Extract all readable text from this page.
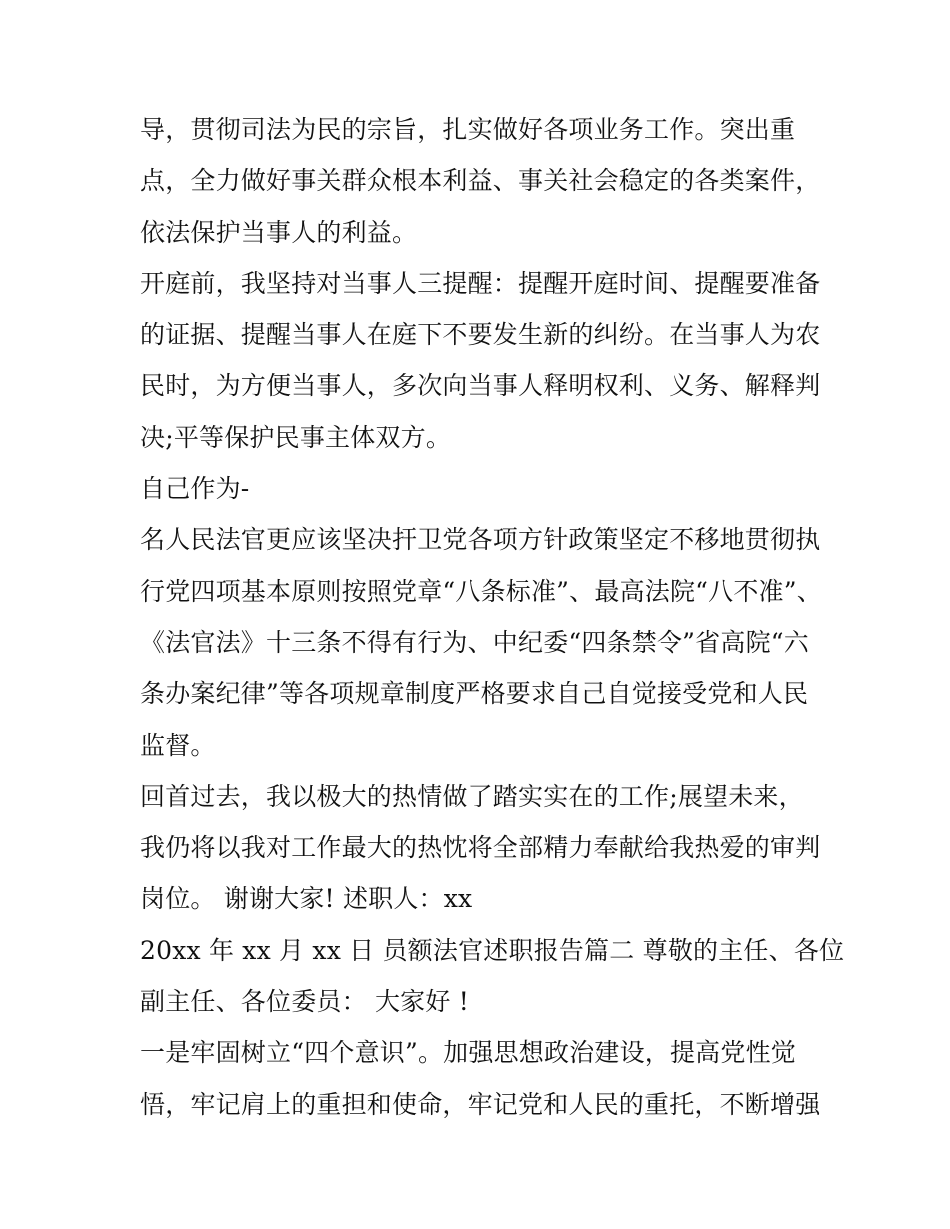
导，贯彻司法为民的宗旨，扎实做好各项业务工作。突出重
点，全力做好事关群众根本利益、事关社会稳定的各类案件，
依法保护当事人的利益。
开庭前，我坚持对当事人三提醒：提醒开庭时间、提醒要准备
的证据、提醒当事人在庭下不要发生新的纠纷。在当事人为农
民时，为方便当事人，多次向当事人释明权利、义务、解释判
决;平等保护民事主体双方。
自己作为-
名人民法官更应该坚决扞卫党各项方针政策坚定不移地贯彻执
行党四项基本原则按照党章“八条标准”、最高法院“八不准”、
《法官法》十三条不得有行为、中纪委“四条禁令”省高院“六
条办案纪律”等各项规章制度严格要求自己自觉接受党和人民
监督。
回首过去，我以极大的热情做了踏实实在的工作;展望未来，
我仍将以我对工作最大的热忱将全部精力奉献给我热爱的审判
岗位。 谢谢大家! 述职人：xx
20xx 年 xx 月 xx 日 员额法官述职报告篇二 尊敬的主任、各位
副主任、各位委员： 大家好 !
一是牢固树立“四个意识”。加强思想政治建设，提高党性觉
悟，牢记肩上的重担和使命，牢记党和人民的重托，不断增强
